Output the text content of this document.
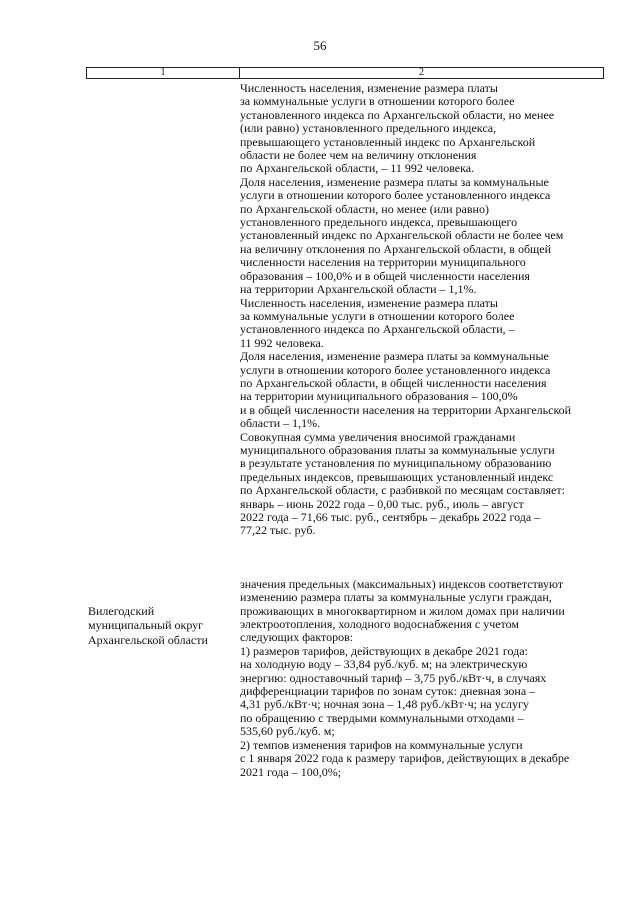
56
1	2
Вилегодский
муниципальный округ
Архангельской области
Численность населения, изменение размера платы
за коммунальные услуги в отношении которого более
установленного индекса по Архангельской области, но менее
(или равно) установленного предельного индекса,
превышающего установленный индекс по Архангельской
области не более чем на величину отклонения
по Архангельской области, – 11 992 человека.
Доля населения, изменение размера платы за коммунальные
услуги в отношении которого более установленного индекса
по Архангельской области, но менее (или равно)
установленного предельного индекса, превышающего
установленный индекс по Архангельской области не более чем
на величину отклонения по Архангельской области, в общей
численности населения на территории муниципального
образования – 100,0% и в общей численности населения
на территории Архангельской области – 1,1%.
Численность населения, изменение размера платы
за коммунальные услуги в отношении которого более
установленного индекса по Архангельской области, –
11 992 человека.
Доля населения, изменение размера платы за коммунальные
услуги в отношении которого более установленного индекса
по Архангельской области, в общей численности населения
на территории муниципального образования – 100,0%
и в общей численности населения на территории Архангельской
области – 1,1%.
Совокупная сумма увеличения вносимой гражданами
муниципального образования платы за коммунальные услуги
в результате установления по муниципальному образованию
предельных индексов, превышающих установленный индекс
по Архангельской области, с разбивкой по месяцам составляет:
январь – июнь 2022 года – 0,00 тыс. руб., июль – август
2022 года – 71,66 тыс. руб., сентябрь – декабрь 2022 года –
77,22 тыс. руб.
значения предельных (максимальных) индексов соответствуют
изменению размера платы за коммунальные услуги граждан,
проживающих в многоквартирном и жилом домах при наличии
электроотопления, холодного водоснабжения с учетом
следующих факторов:
1) размеров тарифов, действующих в декабре 2021 года:
на холодную воду – 33,84 руб./куб. м; на электрическую
энергию: одноставочный тариф – 3,75 руб./кВт·ч, в случаях
дифференциации тарифов по зонам суток: дневная зона –
4,31 руб./кВт·ч; ночная зона – 1,48 руб./кВт·ч; на услугу
по обращению с твердыми коммунальными отходами –
535,60 руб./куб. м;
2) темпов изменения тарифов на коммунальные услуги
с 1 января 2022 года к размеру тарифов, действующих в декабре
2021 года – 100,0%;
